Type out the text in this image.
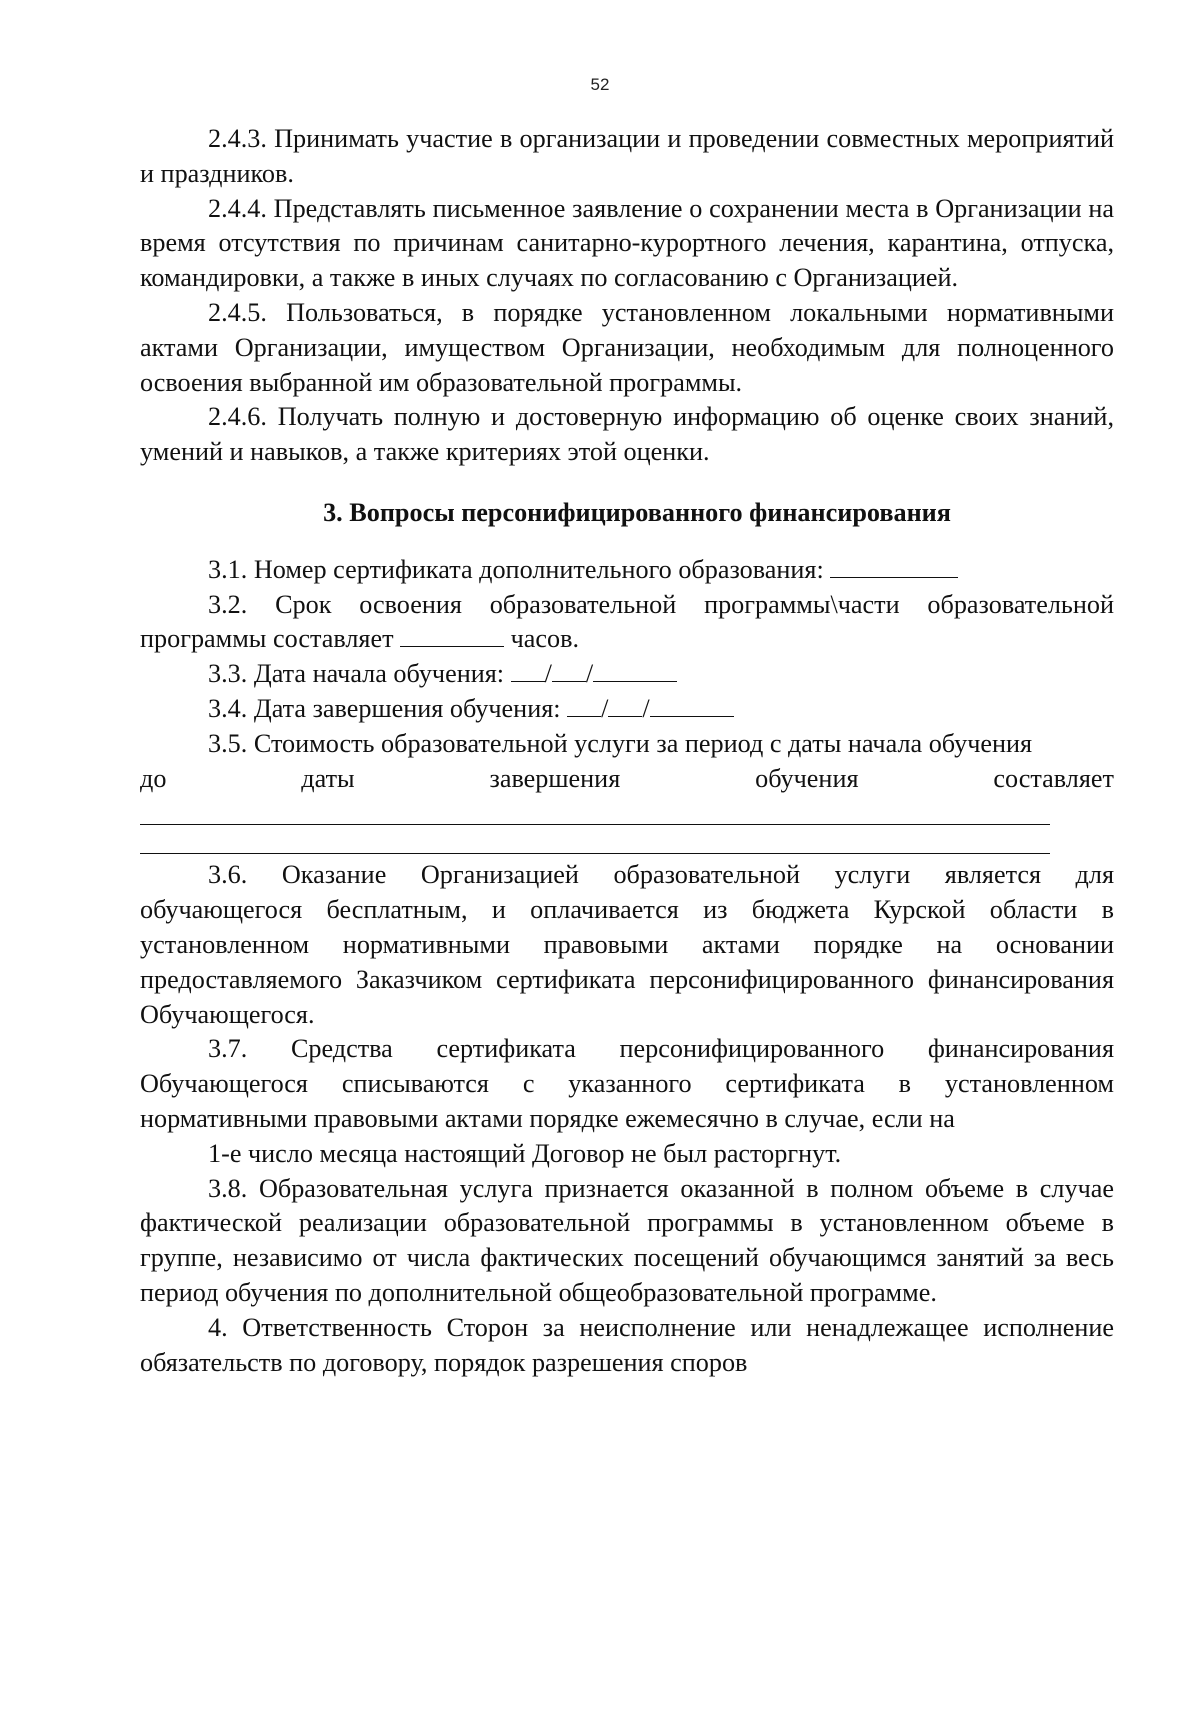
52

2.4.3. Принимать участие в организации и проведении совместных мероприятий и праздников.

2.4.4. Представлять письменное заявление о сохранении места в Организации на время отсутствия по причинам санитарно-курортного лечения, карантина, отпуска, командировки, а также в иных случаях по согласованию с Организацией.

2.4.5. Пользоваться, в порядке установленном локальными нормативными актами Организации, имуществом Организации, необходимым для полноценного освоения выбранной им образовательной программы.

2.4.6. Получать полную и достоверную информацию об оценке своих знаний, умений и навыков, а также критериях этой оценки.

3. Вопросы персонифицированного финансирования

3.1. Номер сертификата дополнительного образования:

3.2. Срок освоения образовательной программы\части образовательной программы составляет	часов.

3.3. Дата начала обучения: / /

3.4. Дата завершения обучения: / /

3.5. Стоимость образовательной услуги за период с даты начала обучения

до	даты	завершения	обучения	составляет

3.6. Оказание Организацией образовательной услуги является для обучающегося бесплатным, и оплачивается из бюджета Курской области в установленном нормативными правовыми актами порядке на основании предоставляемого Заказчиком сертификата персонифицированного финансирования Обучающегося.

3.7. Средства сертификата персонифицированного финансирования Обучающегося списываются с указанного сертификата в установленном нормативными правовыми актами порядке ежемесячно в случае, если на

1-е число месяца настоящий Договор не был расторгнут.

3.8. Образовательная услуга признается оказанной в полном объеме в случае фактической реализации образовательной программы в установленном объеме в группе, независимо от числа фактических посещений обучающимся занятий за весь период обучения по дополнительной общеобразовательной программе.

4. Ответственность Сторон за неисполнение или ненадлежащее исполнение обязательств по договору, порядок разрешения споров
